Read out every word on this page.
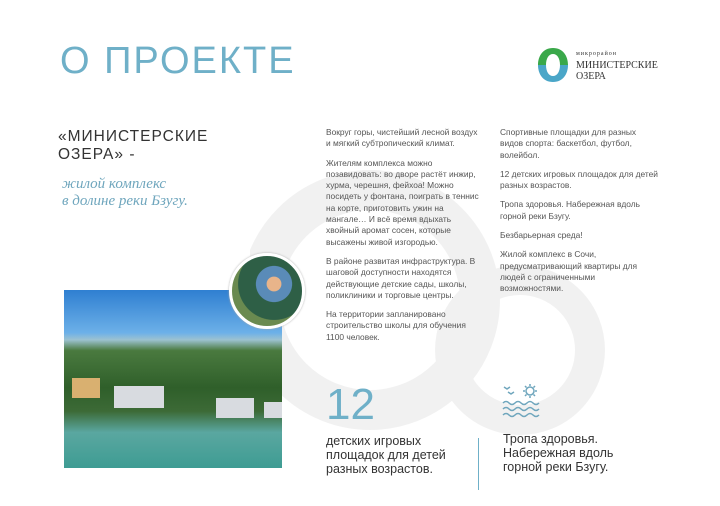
О ПРОЕКТЕ	микрорайон
МИНИСТЕРСКИЕ
ОЗЕРА
«МИНИСТЕРСКИЕ
ОЗЕРА» -
жилой комплекс
в долине реки Бзугу.

Вокруг горы, чистейший лесной воздух и мягкий субтропический климат.

Жителям комплекса можно позавидовать: во дворе растёт инжир, хурма, черешня, фейхоа! Можно посидеть у фонтана, поиграть в теннис на корте, приготовить ужин на мангале… И всё время вдыхать хвойный аромат сосен, которые высажены живой изгородью.

В районе развитая инфраструктура. В шаговой доступности находятся действующие детские сады, школы, поликлиники и торговые центры.

На территории запланировано строительство школы для обучения 1100 человек.

Спортивные площадки для разных видов спорта: баскетбол, футбол, волейбол.

12 детских игровых площадок для детей разных возрастов.

Тропа здоровья. Набережная вдоль горной реки Бзугу.

Безбарьерная среда!

Жилой комплекс в Сочи, предусматривающий квартиры для людей с ограниченными возможностями.

12
детских игровых
площадок для детей
разных возрастов.
Тропа здоровья.
Набережная вдоль
горной реки Бзугу.
